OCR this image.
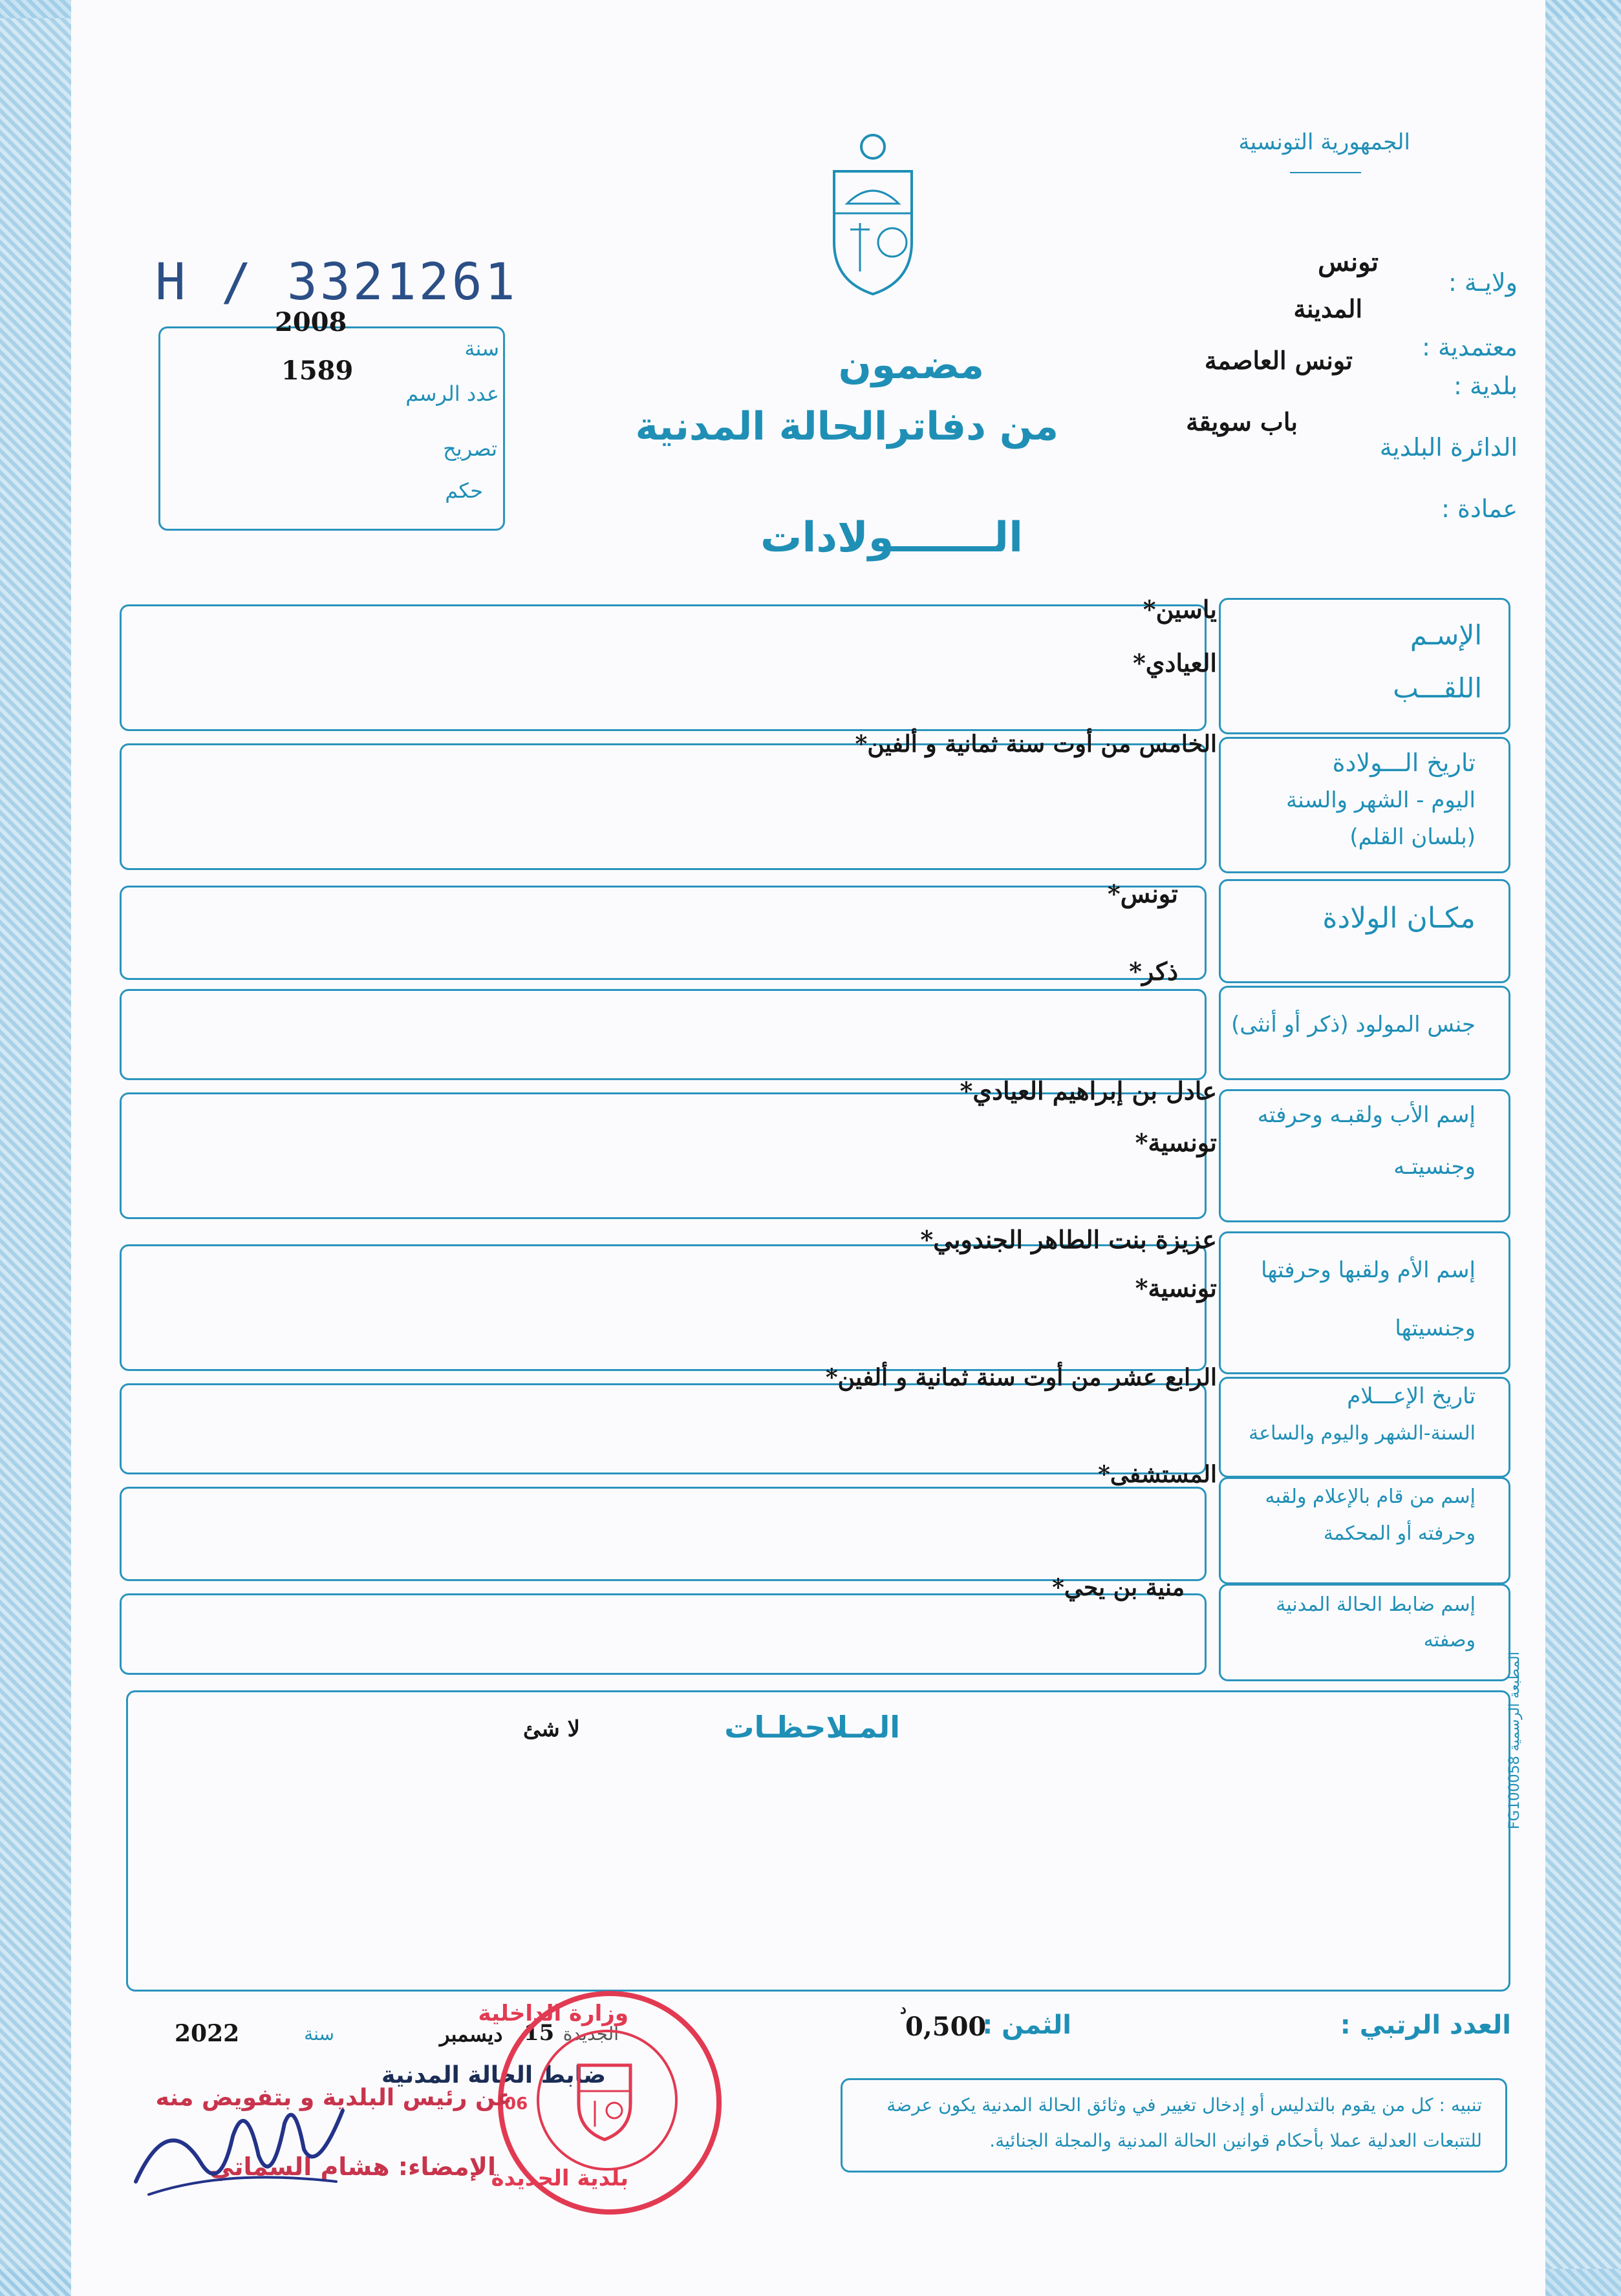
الجمهورية التونسية
H / 3321261
مضمون
من دفاترالحالة المدنية
الـــــــولادات
سنة
2008
عدد الرسم
1589
تصريح
حكم
ولايـة :
تونس
المدينة
معتمدية :
تونس العاصمة
بلدية :
باب سويقة
الدائرة البلدية
عمادة :
الإسـم
اللقـــب
ياسين*
العيادي*
تاريخ الـــولادة
اليوم - الشهر والسنة
(بلسان القلم)
الخامس من أوت سنة ثمانية و ألفين*
مكـان الولادة
تونس*
جنس المولود (ذكر أو أنثى)
ذكر*
إسم الأب ولقبـه وحرفته
وجنسيتـه
عادل بن إبراهيم العيادي*
تونسية*
إسم الأم ولقبها وحرفتها
وجنسيتها
عزيزة بنت الطاهر الجندوبي*
تونسية*
تاريخ الإعـــلام
السنة-الشهر واليوم والساعة
الرابع عشر من أوت سنة ثمانية و ألفين*
إسم من قام بالإعلام ولقبه
وحرفته أو المحكمة
المستشفى*
إسم ضابط الحالة المدنية
وصفته
منية بن يحي*
المـلاحظـات
لا شئ
المطبعة الرسمية FG100058
العدد الرتبي :
الثمن :
0,500
د
الجديدة
15
ديسمبر
سنة
2022
ضابط الحالة المدنية
تنبيه : كل من يقوم بالتدليس أو إدخال تغيير في وثائق الحالة المدنية يكون عرضة
للتتبعات العدلية عملا بأحكام قوانين الحالة المدنية والمجلة الجنائية.
وزارة الداخلية
بلدية الجديدة
06
عن رئيس البلدية و بتفويض منه
الإمضاء: هشام السماتي
